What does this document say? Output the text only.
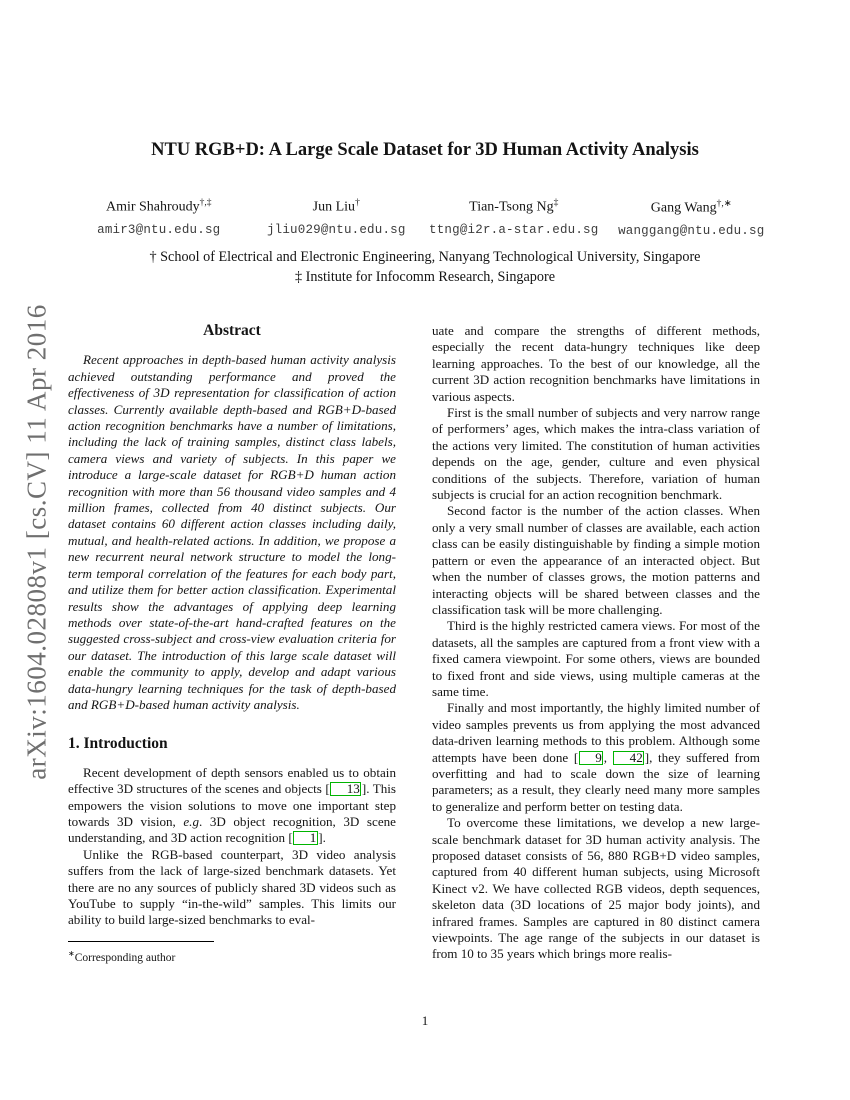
arXiv:1604.02808v1 [cs.CV] 11 Apr 2016
NTU RGB+D: A Large Scale Dataset for 3D Human Activity Analysis
Amir Shahroudy†,‡
amir3@ntu.edu.sg
Jun Liu†
jliu029@ntu.edu.sg
Tian-Tsong Ng‡
ttng@i2r.a-star.edu.sg
Gang Wang†,∗
wanggang@ntu.edu.sg
† School of Electrical and Electronic Engineering, Nanyang Technological University, Singapore
‡ Institute for Infocomm Research, Singapore
Abstract

Recent approaches in depth-based human activity analysis achieved outstanding performance and proved the effectiveness of 3D representation for classification of action classes. Currently available depth-based and RGB+D-based action recognition benchmarks have a number of limitations, including the lack of training samples, distinct class labels, camera views and variety of subjects. In this paper we introduce a large-scale dataset for RGB+D human action recognition with more than 56 thousand video samples and 4 million frames, collected from 40 distinct subjects. Our dataset contains 60 different action classes including daily, mutual, and health-related actions. In addition, we propose a new recurrent neural network structure to model the long-term temporal correlation of the features for each body part, and utilize them for better action classification. Experimental results show the advantages of applying deep learning methods over state-of-the-art hand-crafted features on the suggested cross-subject and cross-view evaluation criteria for our dataset. The introduction of this large scale dataset will enable the community to apply, develop and adapt various data-hungry learning techniques for the task of depth-based and RGB+D-based human activity analysis.

1. Introduction

Recent development of depth sensors enabled us to obtain effective 3D structures of the scenes and objects [ 13 ]. This empowers the vision solutions to move one important step towards 3D vision, e.g. 3D object recognition, 3D scene understanding, and 3D action recognition [ 1 ].

Unlike the RGB-based counterpart, 3D video analysis suffers from the lack of large-sized benchmark datasets. Yet there are no any sources of publicly shared 3D videos such as YouTube to supply “in-the-wild” samples. This limits our ability to build large-sized benchmarks to eval-

∗Corresponding author

uate and compare the strengths of different methods, especially the recent data-hungry techniques like deep learning approaches. To the best of our knowledge, all the current 3D action recognition benchmarks have limitations in various aspects.

First is the small number of subjects and very narrow range of performers’ ages, which makes the intra-class variation of the actions very limited. The constitution of human activities depends on the age, gender, culture and even physical conditions of the subjects. Therefore, variation of human subjects is crucial for an action recognition benchmark.

Second factor is the number of the action classes. When only a very small number of classes are available, each action class can be easily distinguishable by finding a simple motion pattern or even the appearance of an interacted object. But when the number of classes grows, the motion patterns and interacting objects will be shared between classes and the classification task will be more challenging.

Third is the highly restricted camera views. For most of the datasets, all the samples are captured from a front view with a fixed camera viewpoint. For some others, views are bounded to fixed front and side views, using multiple cameras at the same time.

Finally and most importantly, the highly limited number of video samples prevents us from applying the most advanced data-driven learning methods to this problem. Although some attempts have been done [ 9 , 42 ], they suffered from overfitting and had to scale down the size of learning parameters; as a result, they clearly need many more samples to generalize and perform better on testing data.

To overcome these limitations, we develop a new large-scale benchmark dataset for 3D human activity analysis. The proposed dataset consists of 56, 880 RGB+D video samples, captured from 40 different human subjects, using Microsoft Kinect v2. We have collected RGB videos, depth sequences, skeleton data (3D locations of 25 major body joints), and infrared frames. Samples are captured in 80 distinct camera viewpoints. The age range of the subjects in our dataset is from 10 to 35 years which brings more realis-

1
